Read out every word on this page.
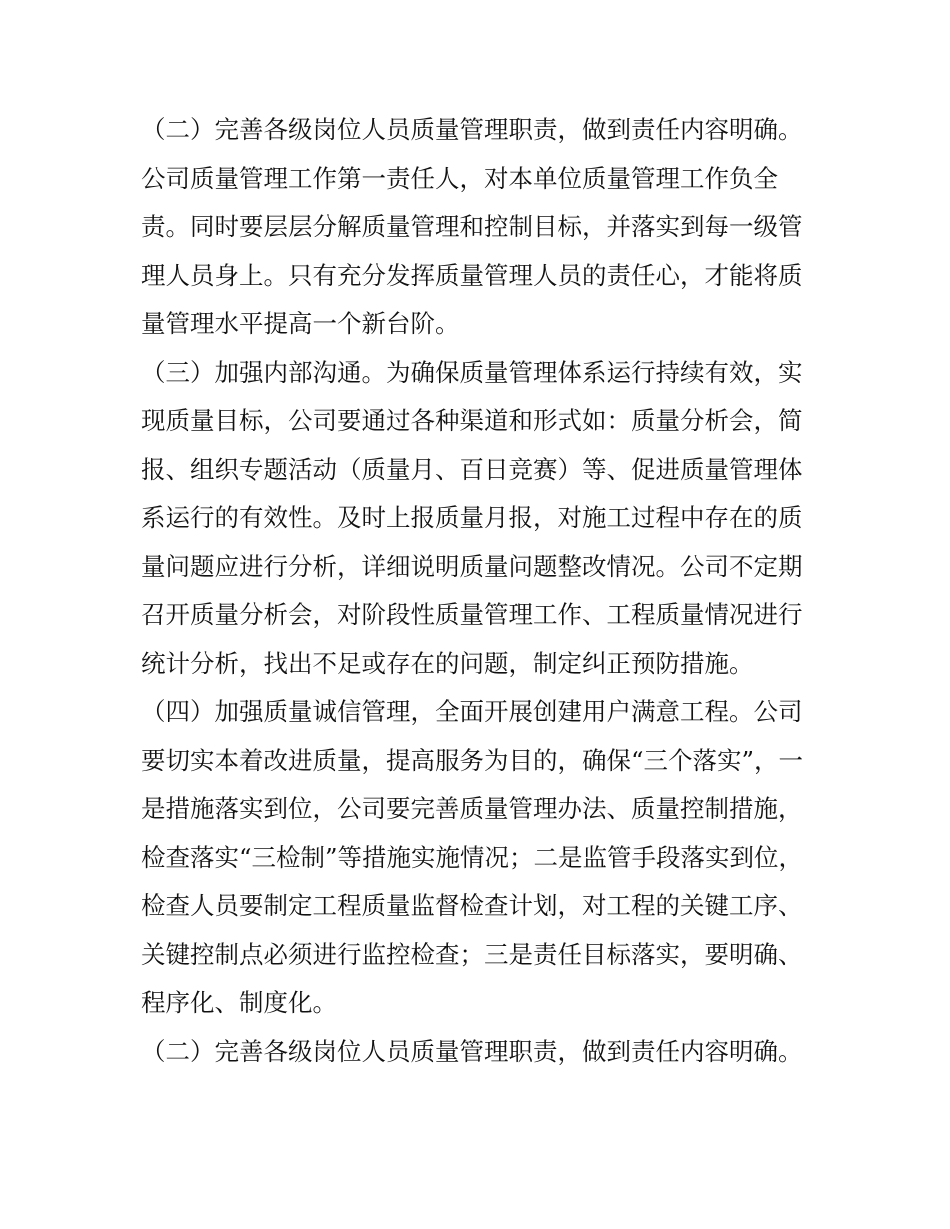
（二）完善各级岗位人员质量管理职责，做到责任内容明确。
公司质量管理工作第一责任人，对本单位质量管理工作负全
责。同时要层层分解质量管理和控制目标，并落实到每一级管
理人员身上。只有充分发挥质量管理人员的责任心，才能将质
量管理水平提高一个新台阶。
（三）加强内部沟通。为确保质量管理体系运行持续有效，实
现质量目标，公司要通过各种渠道和形式如：质量分析会，简
报、组织专题活动（质量月、百日竞赛）等、促进质量管理体
系运行的有效性。及时上报质量月报，对施工过程中存在的质
量问题应进行分析，详细说明质量问题整改情况。公司不定期
召开质量分析会，对阶段性质量管理工作、工程质量情况进行
统计分析，找出不足或存在的问题，制定纠正预防措施。
（四）加强质量诚信管理，全面开展创建用户满意工程。公司
要切实本着改进质量，提高服务为目的，确保“三个落实”，一
是措施落实到位，公司要完善质量管理办法、质量控制措施，
检查落实“三检制”等措施实施情况；二是监管手段落实到位，
检查人员要制定工程质量监督检查计划，对工程的关键工序、
关键控制点必须进行监控检查；三是责任目标落实，要明确、
程序化、制度化。
（二）完善各级岗位人员质量管理职责，做到责任内容明确。
